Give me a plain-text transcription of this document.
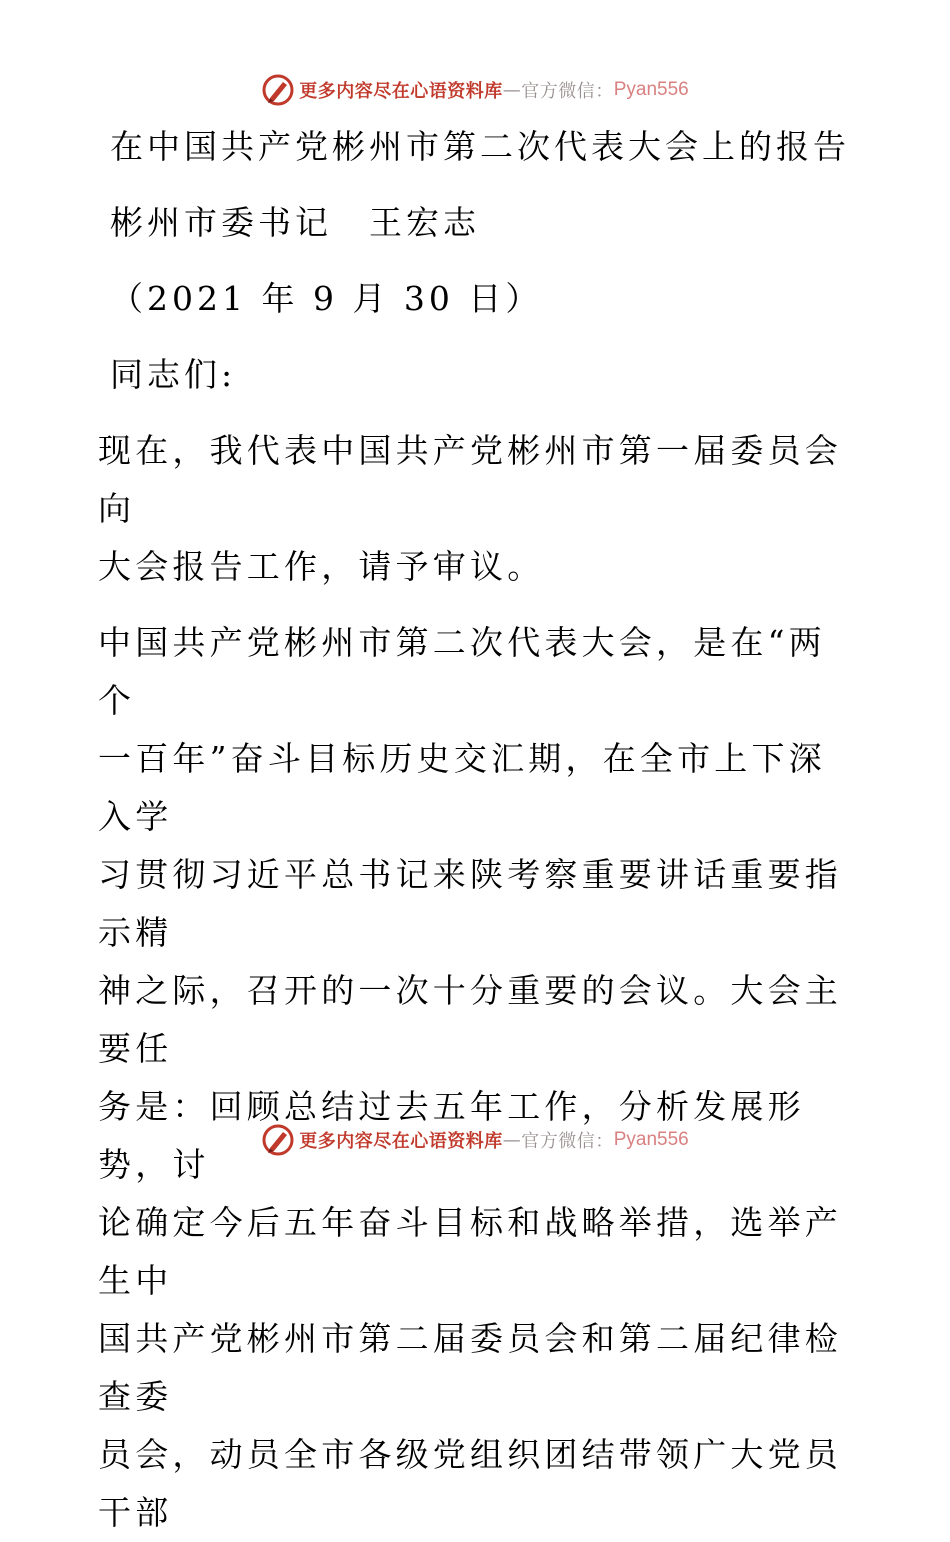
更多内容尽在心语资料库 — 官方微信： Pyan556
在中国共产党彬州市第二次代表大会上的报告
彬州市委书记　王宏志
（2021 年 9 月 30 日）
同志们:
现在，我代表中国共产党彬州市第一届委员会向
大会报告工作，请予审议。
中国共产党彬州市第二次代表大会，是在“两个
一百年”奋斗目标历史交汇期，在全市上下深入学
习贯彻习近平总书记来陕考察重要讲话重要指示精
神之际，召开的一次十分重要的会议。大会主要任
务是：回顾总结过去五年工作，分析发展形势，讨
论确定今后五年奋斗目标和战略举措，选举产生中
国共产党彬州市第二届委员会和第二届纪律检查委
员会，动员全市各级党组织团结带领广大党员干部
更多内容尽在心语资料库 — 官方微信： Pyan556
